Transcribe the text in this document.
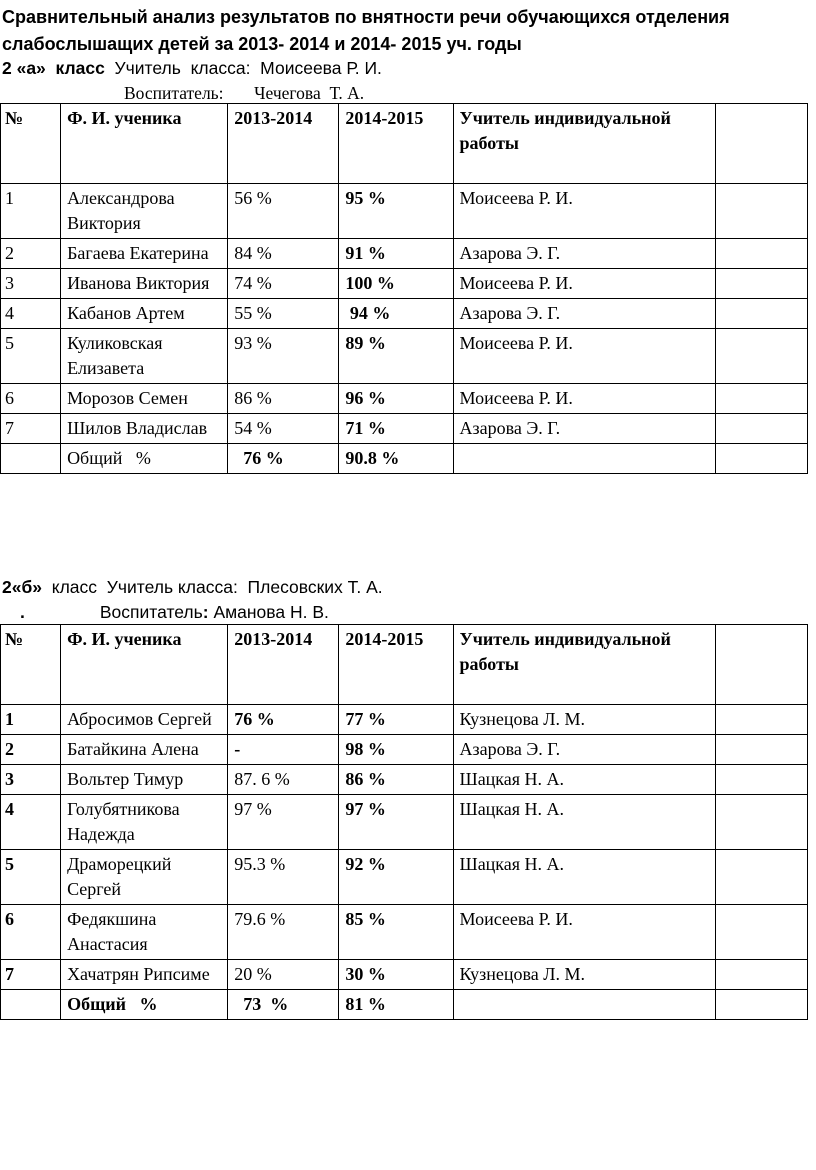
Сравнительный анализ результатов по внятности речи обучающихся отделения слабослышащих детей за 2013- 2014 и 2014- 2015 уч. годы
2 «а»  класс  Учитель  класса:  Моисеева Р. И.
Воспитатель:       Чечегова  Т. А.
№	Ф. И. ученика	2013-2014	2014-2015	Учитель индивидуальной работы	
1	Александрова Виктория	56 %	95 %	Моисеева Р. И.	
2	Багаева Екатерина	84 %	91 %	Азарова Э. Г.	
3	Иванова Виктория	74 %	100 %	Моисеева Р. И.	
4	Кабанов Артем	55 %	94 %	Азарова Э. Г.	
5	Куликовская Елизавета	93 %	89 %	Моисеева Р. И.	
6	Морозов Семен	86 %	96 %	Моисеева Р. И.	
7	Шилов Владислав	54 %	71 %	Азарова Э. Г.	
	Общий   %	76 %	90.8 %		
2«б»  класс  Учитель класса:  Плесовских Т. А.
.	Воспитатель: Аманова Н. В.
№	Ф. И. ученика	2013-2014	2014-2015	Учитель индивидуальной работы	
1	Абросимов Сергей	76 %	77 %	Кузнецова Л. М.	
2	Батайкина Алена	-	98 %	Азарова Э. Г.	
3	Вольтер Тимур	87. 6 %	86 %	Шацкая Н. А.	
4	Голубятникова Надежда	97 %	97 %	Шацкая Н. А.	
5	Драморецкий Сергей	95.3 %	92 %	Шацкая Н. А.	
6	Федякшина Анастасия	79.6 %	85 %	Моисеева Р. И.	
7	Хачатрян Рипсиме	20 %	30 %	Кузнецова Л. М.	
	Общий   %	73  %	81 %		
